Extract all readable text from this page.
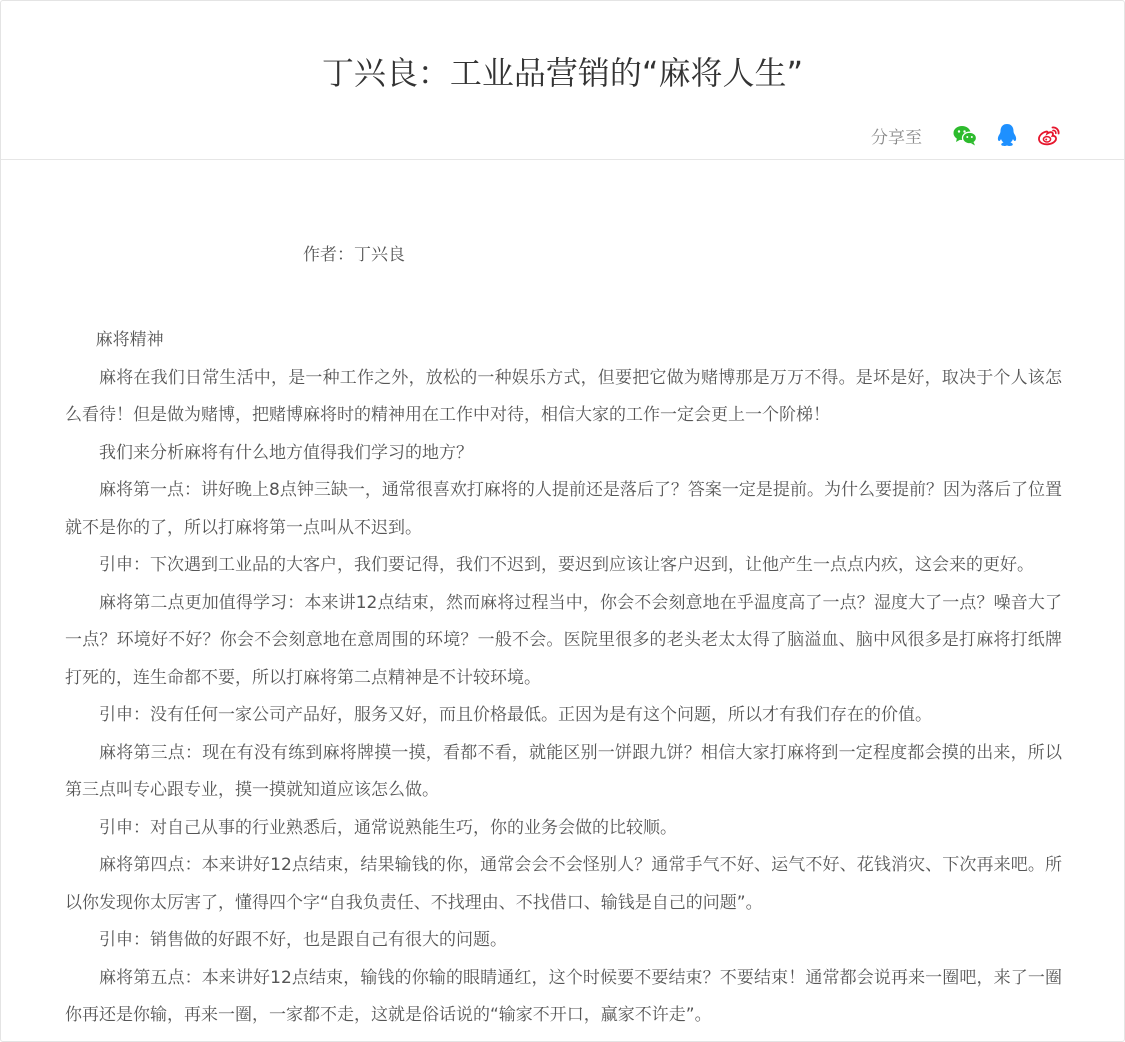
丁兴良：工业品营销的“麻将人生”
分享至

作者：丁兴良

麻将精神

麻将在我们日常生活中，是一种工作之外，放松的一种娱乐方式，但要把它做为赌博那是万万不得。是坏是好，取决于个人该怎么看待！但是做为赌博，把赌博麻将时的精神用在工作中对待，相信大家的工作一定会更上一个阶梯！

我们来分析麻将有什么地方值得我们学习的地方？

麻将第一点：讲好晚上8点钟三缺一，通常很喜欢打麻将的人提前还是落后了？答案一定是提前。为什么要提前？因为落后了位置就不是你的了，所以打麻将第一点叫从不迟到。

引申：下次遇到工业品的大客户，我们要记得，我们不迟到，要迟到应该让客户迟到，让他产生一点点内疚，这会来的更好。

麻将第二点更加值得学习：本来讲12点结束，然而麻将过程当中，你会不会刻意地在乎温度高了一点？湿度大了一点？噪音大了一点？环境好不好？你会不会刻意地在意周围的环境？一般不会。医院里很多的老头老太太得了脑溢血、脑中风很多是打麻将打纸牌打死的，连生命都不要，所以打麻将第二点精神是不计较环境。

引申：没有任何一家公司产品好，服务又好，而且价格最低。正因为是有这个问题，所以才有我们存在的价值。

麻将第三点：现在有没有练到麻将牌摸一摸，看都不看，就能区别一饼跟九饼？相信大家打麻将到一定程度都会摸的出来，所以第三点叫专心跟专业，摸一摸就知道应该怎么做。

引申：对自己从事的行业熟悉后，通常说熟能生巧，你的业务会做的比较顺。

麻将第四点：本来讲好12点结束，结果输钱的你，通常会会不会怪别人？通常手气不好、运气不好、花钱消灾、下次再来吧。所以你发现你太厉害了，懂得四个字“自我负责任、不找理由、不找借口、输钱是自己的问题”。

引申：销售做的好跟不好，也是跟自己有很大的问题。

麻将第五点：本来讲好12点结束，输钱的你输的眼睛通红，这个时候要不要结束？不要结束！通常都会说再来一圈吧，来了一圈你再还是你输，再来一圈，一家都不走，这就是俗话说的“输家不开口，赢家不许走”。
